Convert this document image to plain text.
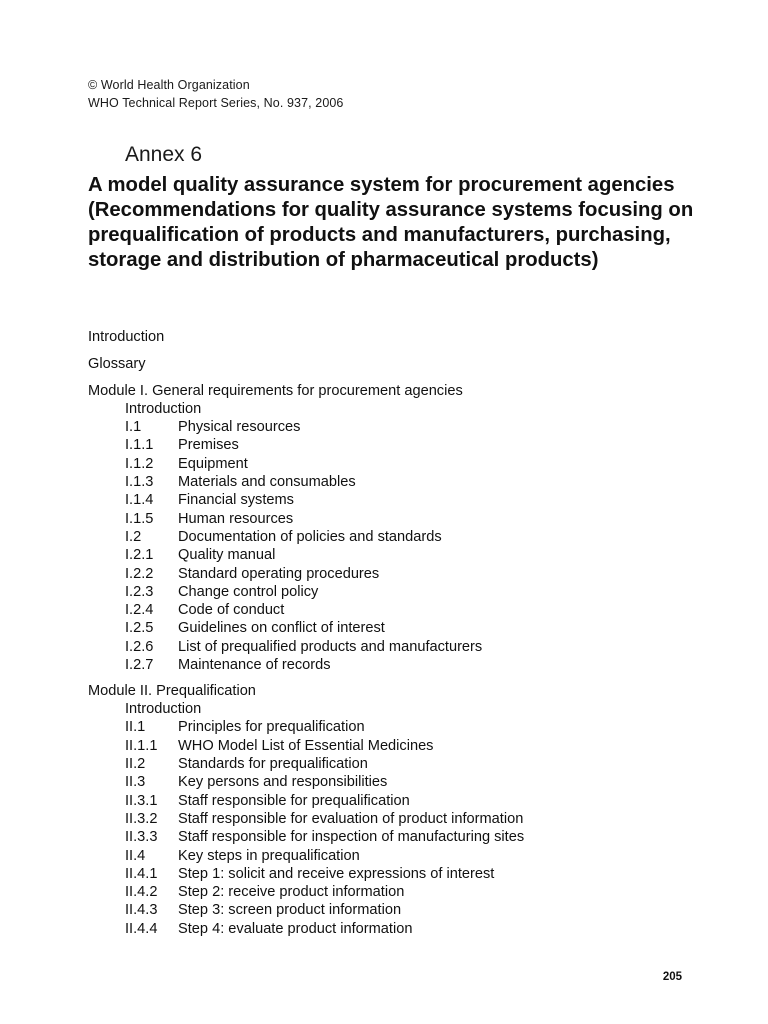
© World Health Organization
WHO Technical Report Series, No. 937, 2006
Annex 6
A model quality assurance system for procurement agencies (Recommendations for quality assurance systems focusing on prequalification of products and manufacturers, purchasing, storage and distribution of pharmaceutical products)
Introduction
Glossary
Module I. General requirements for procurement agencies
Introduction
I.1	Physical resources
I.1.1	Premises
I.1.2	Equipment
I.1.3	Materials and consumables
I.1.4	Financial systems
I.1.5	Human resources
I.2	Documentation of policies and standards
I.2.1	Quality manual
I.2.2	Standard operating procedures
I.2.3	Change control policy
I.2.4	Code of conduct
I.2.5	Guidelines on conflict of interest
I.2.6	List of prequalified products and manufacturers
I.2.7	Maintenance of records
Module II. Prequalification
Introduction
II.1	Principles for prequalification
II.1.1	WHO Model List of Essential Medicines
II.2	Standards for prequalification
II.3	Key persons and responsibilities
II.3.1	Staff responsible for prequalification
II.3.2	Staff responsible for evaluation of product information
II.3.3	Staff responsible for inspection of manufacturing sites
II.4	Key steps in prequalification
II.4.1	Step 1: solicit and receive expressions of interest
II.4.2	Step 2: receive product information
II.4.3	Step 3: screen product information
II.4.4	Step 4: evaluate product information
205
